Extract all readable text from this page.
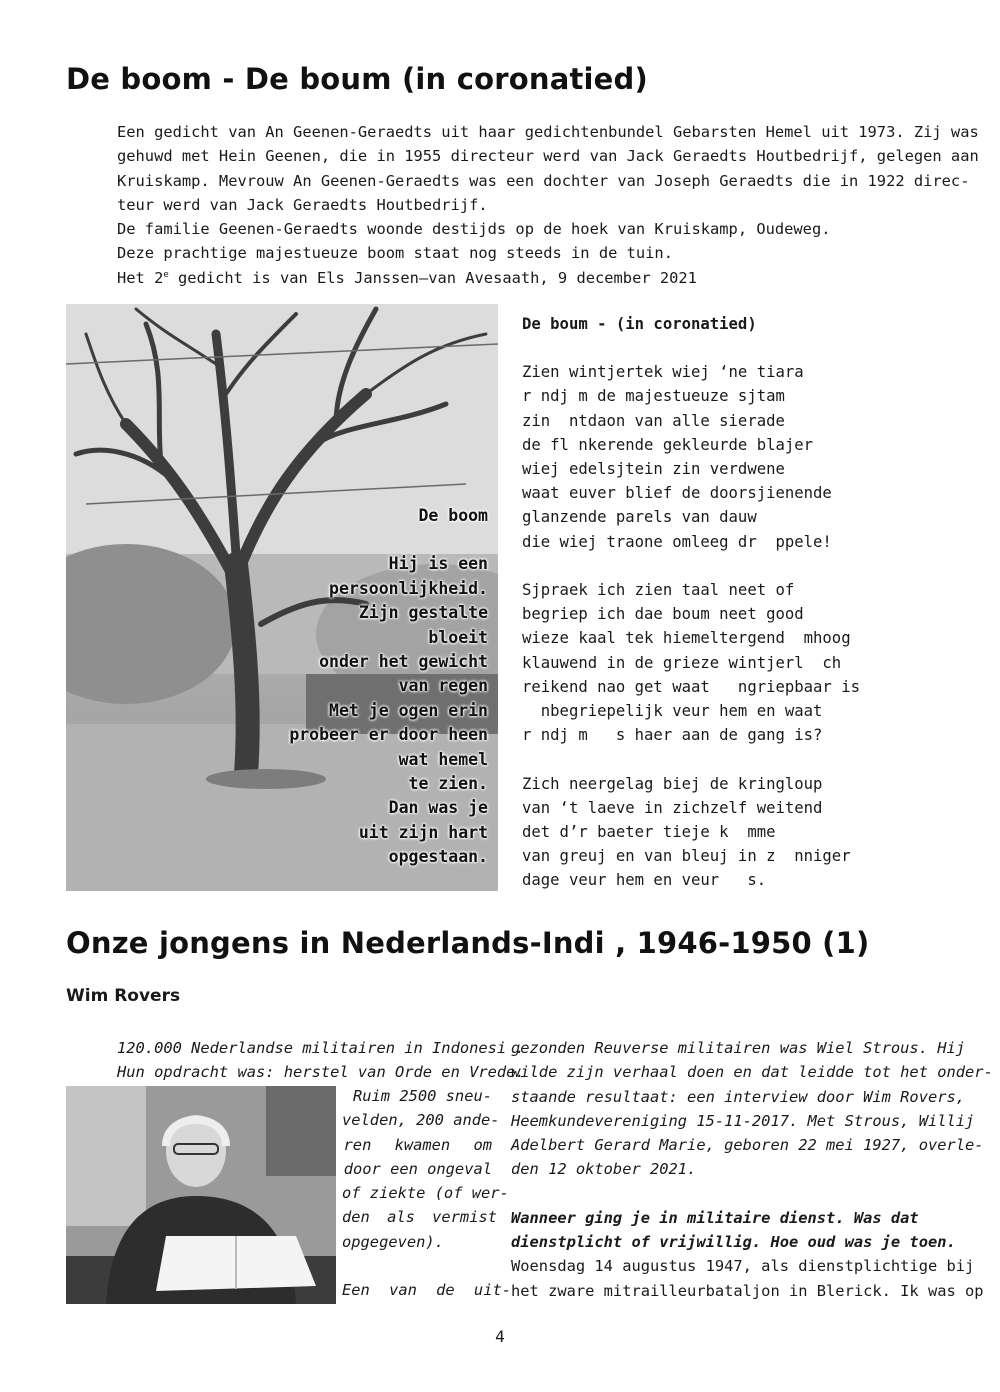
De boom - De boum (in coronatied)

Een gedicht van An Geenen-Geraedts uit haar gedichtenbundel Gebarsten Hemel uit 1973. Zij was

gehuwd met Hein Geenen, die in 1955 directeur werd van Jack Geraedts Houtbedrijf, gelegen aan

Kruiskamp. Mevrouw An Geenen-Geraedts was een dochter van Joseph Geraedts die in 1922 direc-

teur werd van Jack Geraedts Houtbedrijf.

De familie Geenen-Geraedts woonde destijds op de hoek van Kruiskamp, Oudeweg.

Deze prachtige majestueuze boom staat nog steeds in de tuin.

Het 2e gedicht is van Els Janssen–van Avesaath, 9 december 2021

De boom
Hij is een
persoonlijkheid.
Zijn gestalte
bloeit
onder het gewicht
van regen
Met je ogen erin
probeer er door heen
wat hemel
te zien.
Dan was je
uit zijn hart
opgestaan.
De boum - (in coronatied)
Zien wintjertek wiej ‘ne tiara
r ndj m de majestueuze sjtam
zin  ntdaon van alle sierade
de fl nkerende gekleurde blajer
wiej edelsjtein zin verdwene
waat euver blief de doorsjienende
glanzende parels van dauw
die wiej traone omleeg dr  ppele!
Sjpraek ich zien taal neet of
begriep ich dae boum neet good
wieze kaal tek hiemeltergend  mhoog
klauwend in de grieze wintjerl  ch
reikend nao get waat   ngriepbaar is
nbegriepelijk veur hem en waat
r ndj m   s haer aan de gang is?
Zich neergelag biej de kringloup
van ‘t laeve in zichzelf weitend
det d’r baeter tieje k  mme
van greuj en van bleuj in z  nniger
dage veur hem en veur   s.
Onze jongens in Nederlands-Indi , 1946-1950 (1)
Wim Rovers
120.000 Nederlandse militairen in Indonesi .
Hun opdracht was: herstel van Orde en Vrede.
Ruim 2500 sneu-
velden, 200 ande-
ren kwamen om
door een ongeval
of ziekte (of wer-
den als vermist
opgegeven).

Een van de uit-
gezonden Reuverse militairen was Wiel Strous. Hij
wilde zijn verhaal doen en dat leidde tot het onder-
staande resultaat: een interview door Wim Rovers,
Heemkundevereniging 15-11-2017. Met Strous, Willij
Adelbert Gerard Marie, geboren 22 mei 1927, overle-
den 12 oktober 2021.
Wanneer ging je in militaire dienst. Was dat
dienstplicht of vrijwillig. Hoe oud was je toen.
Woensdag 14 augustus 1947, als dienstplichtige bij
het zware mitrailleurbataljon in Blerick. Ik was op
4
